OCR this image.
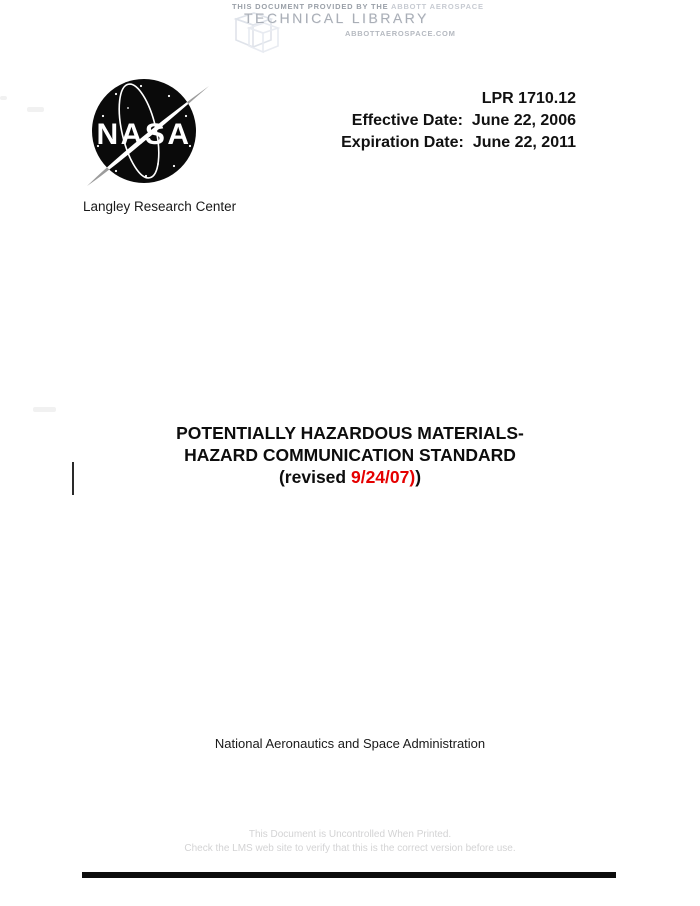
THIS DOCUMENT PROVIDED BY THE ABBOTT AEROSPACE
TECHNICAL LIBRARY
ABBOTTAEROSPACE.COM
NASA
LPR 1710.12
Effective Date: June 22, 2006
Expiration Date: June 22, 2011
Langley Research Center
POTENTIALLY HAZARDOUS MATERIALS-
HAZARD COMMUNICATION STANDARD
(revised 9/24/07))
National Aeronautics and Space Administration
This Document is Uncontrolled When Printed.
Check the LMS web site to verify that this is the correct version before use.
